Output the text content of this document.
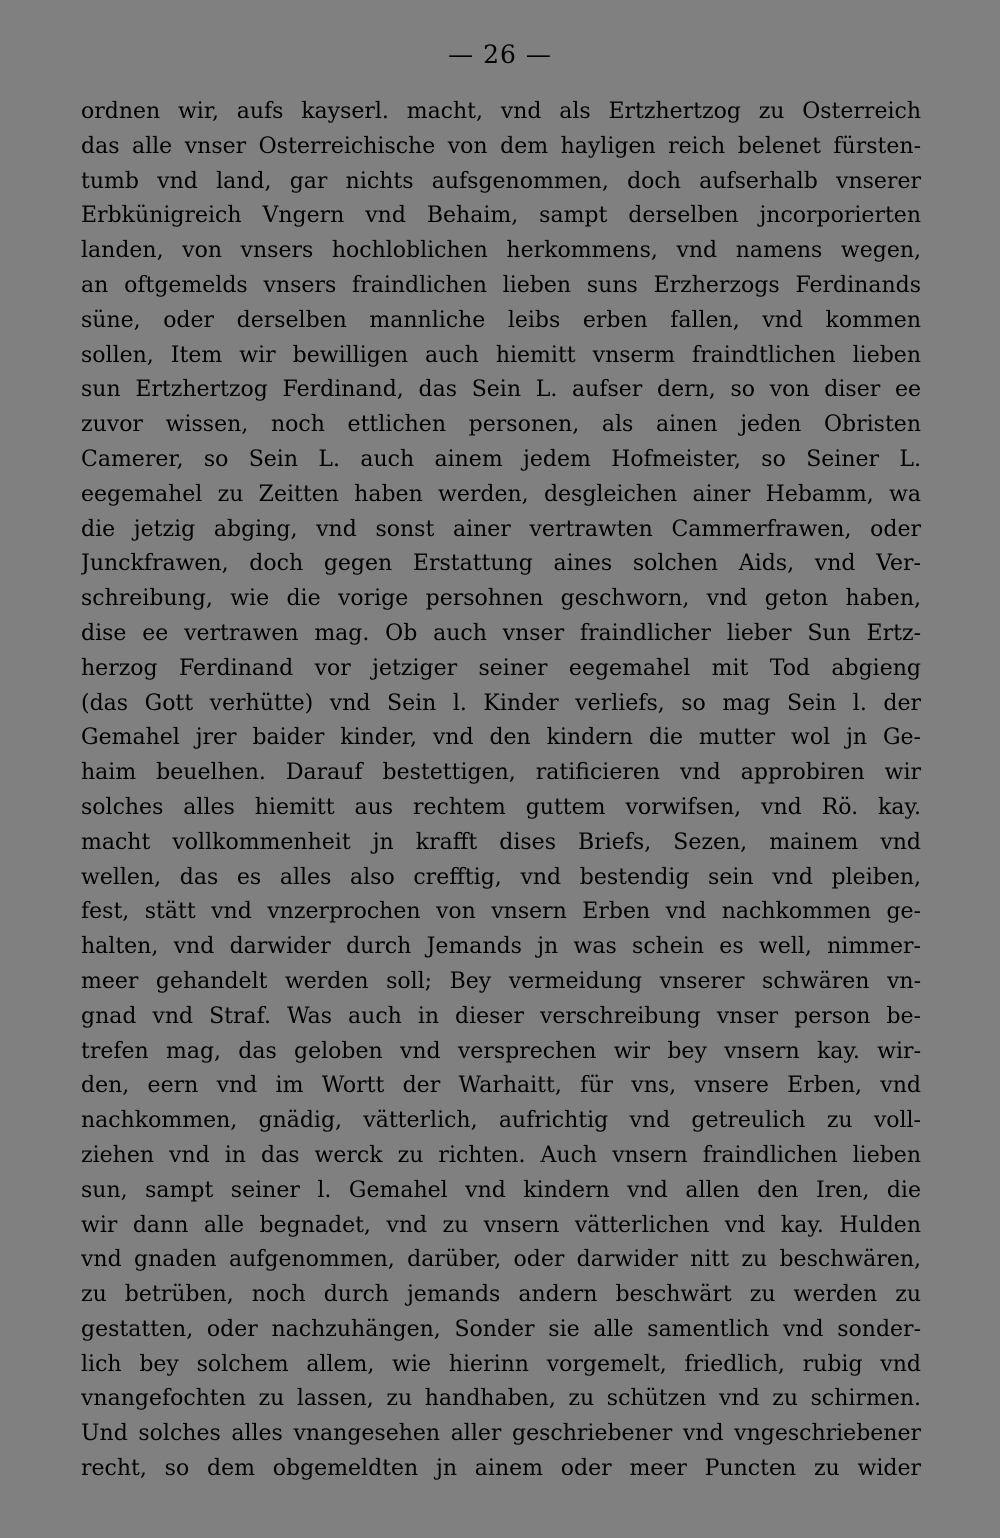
— 26 —
ordnen wir, aufs kayserl. macht, vnd als Ertzhertzog zu Osterreich
das alle vnser Osterreichische von dem hayligen reich belenet fürsten-
tumb vnd land, gar nichts aufsgenommen, doch aufserhalb vnserer
Erbkünigreich Vngern vnd Behaim, sampt derselben jncorporierten
landen, von vnsers hochloblichen herkommens, vnd namens wegen,
an oftgemelds vnsers fraindlichen lieben suns Erzherzogs Ferdinands
süne, oder derselben mannliche leibs erben fallen, vnd kommen
sollen, Item wir bewilligen auch hiemitt vnserm fraindtlichen lieben
sun Ertzhertzog Ferdinand, das Sein L. aufser dern, so von diser ee
zuvor wissen, noch ettlichen personen, als ainen jeden Obristen
Camerer, so Sein L. auch ainem jedem Hofmeister, so Seiner L.
eegemahel zu Zeitten haben werden, desgleichen ainer Hebamm, wa
die jetzig abging, vnd sonst ainer vertrawten Cammerfrawen, oder
Junckfrawen, doch gegen Erstattung aines solchen Aids, vnd Ver-
schreibung, wie die vorige persohnen geschworn, vnd geton haben,
dise ee vertrawen mag. Ob auch vnser fraindlicher lieber Sun Ertz-
herzog Ferdinand vor jetziger seiner eegemahel mit Tod abgieng
(das Gott verhütte) vnd Sein l. Kinder verliefs, so mag Sein l. der
Gemahel jrer baider kinder, vnd den kindern die mutter wol jn Ge-
haim beuelhen. Darauf bestettigen, ratificieren vnd approbiren wir
solches alles hiemitt aus rechtem guttem vorwifsen, vnd Rö. kay.
macht vollkommenheit jn krafft dises Briefs, Sezen, mainem vnd
wellen, das es alles also crefftig, vnd bestendig sein vnd pleiben,
fest, stätt vnd vnzerprochen von vnsern Erben vnd nachkommen ge-
halten, vnd darwider durch Jemands jn was schein es well, nimmer-
meer gehandelt werden soll; Bey vermeidung vnserer schwären vn-
gnad vnd Straf. Was auch in dieser verschreibung vnser person be-
trefen mag, das geloben vnd versprechen wir bey vnsern kay. wir-
den, eern vnd im Wortt der Warhaitt, für vns, vnsere Erben, vnd
nachkommen, gnädig, vätterlich, aufrichtig vnd getreulich zu voll-
ziehen vnd in das werck zu richten. Auch vnsern fraindlichen lieben
sun, sampt seiner l. Gemahel vnd kindern vnd allen den Iren, die
wir dann alle begnadet, vnd zu vnsern vätterlichen vnd kay. Hulden
vnd gnaden aufgenommen, darüber, oder darwider nitt zu beschwären,
zu betrüben, noch durch jemands andern beschwärt zu werden zu
gestatten, oder nachzuhängen, Sonder sie alle samentlich vnd sonder-
lich bey solchem allem, wie hierinn vorgemelt, friedlich, rubig vnd
vnangefochten zu lassen, zu handhaben, zu schützen vnd zu schirmen.
Und solches alles vnangesehen aller geschriebener vnd vngeschriebener
recht, so dem obgemeldten jn ainem oder meer Puncten zu wider
